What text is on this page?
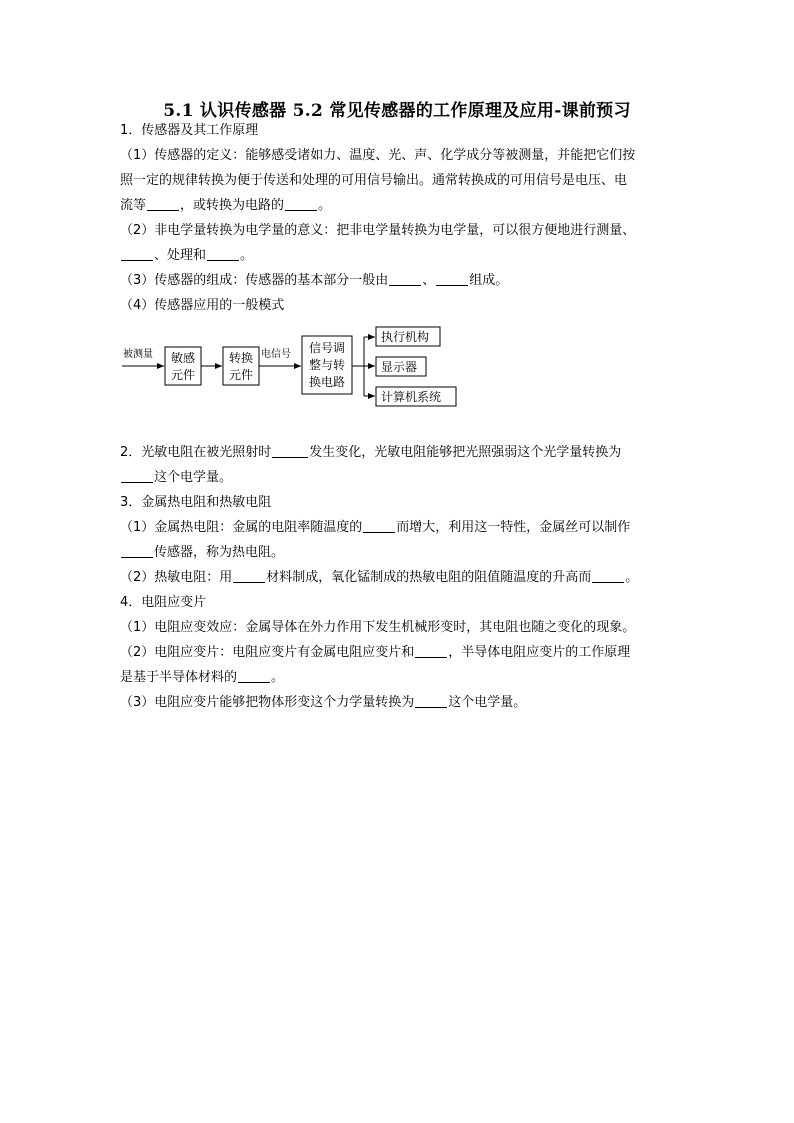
5.1 认识传感器 5.2 常见传感器的工作原理及应用-课前预习
1．传感器及其工作原理
（1）传感器的定义：能够感受诸如力、温度、光、声、化学成分等被测量，并能把它们按
照一定的规律转换为便于传送和处理的可用信号输出。通常转换成的可用信号是电压、电
流等	，或转换为电路的	。
（2）非电学量转换为电学量的意义：把非电学量转换为电学量，可以很方便地进行测量、
、处理和	。
（3）传感器的组成：传感器的基本部分一般由	、	组成。
（4）传感器应用的一般模式
被测量 敏感
元件
转换
元件
电信号 信号调
整与转
换电路
执行机构
显示器
计算机系统
2．光敏电阻在被光照射时	发生变化，光敏电阻能够把光照强弱这个光学量转换为
这个电学量。
3．金属热电阻和热敏电阻
（1）金属热电阻：金属的电阻率随温度的	而增大，利用这一特性，金属丝可以制作
传感器，称为热电阻。
（2）热敏电阻：用	材料制成，氧化锰制成的热敏电阻的阻值随温度的升高而	。
4．电阻应变片
（1）电阻应变效应：金属导体在外力作用下发生机械形变时，其电阻也随之变化的现象。
（2）电阻应变片：电阻应变片有金属电阻应变片和	，半导体电阻应变片的工作原理
是基于半导体材料的	。
（3）电阻应变片能够把物体形变这个力学量转换为	这个电学量。
